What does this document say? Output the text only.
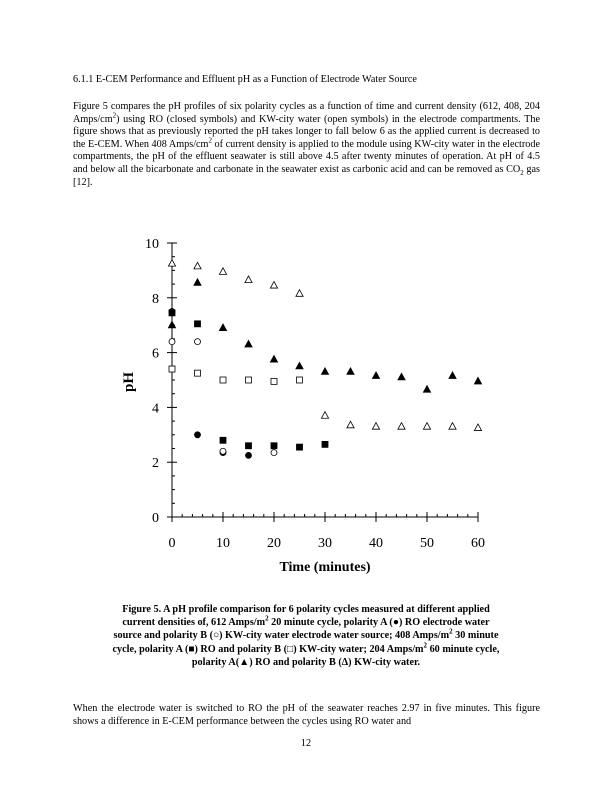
6.1.1 E-CEM Performance and Effluent pH as a Function of Electrode Water Source

Figure 5 compares the pH profiles of six polarity cycles as a function of time and current density (612, 408, 204 Amps/$cm^2$) using RO (closed symbols) and KW-city water (open symbols) in the electrode compartments. The figure shows that as previously reported the pH takes longer to fall below 6 as the applied current is decreased to the E-CEM. When 408 Amps/$cm^2$ of current density is applied to the module using KW-city water in the electrode compartments, the pH of the effluent seawater is still above 4.5 after twenty minutes of operation. At pH of 4.5 and below all the bicarbonate and carbonate in the seawater exist as carbonic acid and can be removed as $CO_2$ gas [12].

0
2
4
6
8
10
0	10	20	30	40	50	60
Time (minutes)
pH
Figure 5. A pH profile comparison for 6 polarity cycles measured at different applied
current densities of, 612 Amps/$m^2$ 20 minute cycle, polarity A (●) RO electrode water
source and polarity B (○) KW-city water electrode water source; 408 Amps/$m^2$ 30 minute
cycle, polarity A (■) RO and polarity B (□) KW-city water; 204 Amps/$m^2$ 60 minute cycle,
polarity A(▲) RO and polarity B (Δ) KW-city water.

When the electrode water is switched to RO the pH of the seawater reaches 2.97 in five minutes. This figure shows a difference in E-CEM performance between the cycles using RO water and

12
